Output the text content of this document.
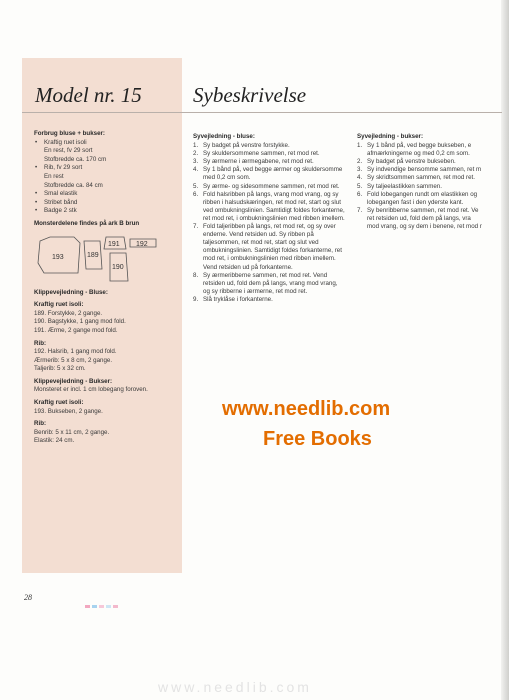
Model nr. 15	Sybeskrivelse
Forbrug bluse + bukser:
• Kraftig ruet isoli
En rest, fv 29 sort
Stofbredde ca. 170 cm
• Rib, fv 29 sort
En rest
Stofbredde ca. 84 cm
• Smal elastik
• Stribet bånd
• Badge 2 stk
Monsterdelene findes på ark B brun
193	189
191 192
190
Klippevejledning - Bluse:
Kraftig ruet isoli:
189. Forstykke, 2 gange.
190. Bagstykke, 1 gang mod fold.
191. Ærme, 2 gange mod fold.
Rib:
192. Halsrib, 1 gang mod fold.
Ærmerib: 5 x 8 cm, 2 gange.
Taljerib: 5 x 32 cm.
Klippevejledning - Bukser:
Monsteret er incl. 1 cm lobegang foroven.
Kraftig ruet isoli:
193. Bukseben, 2 gange.
Rib:
Benrib: 5 x 11 cm, 2 gange.
Elastik: 24 cm.
Syvejledning - bluse:
1. Sy badget på venstre forstykke.
2. Sy skuldersommene sammen, ret mod ret.
3. Sy ærmerne i ærmegabene, ret mod ret.
4. Sy 1 bånd på, ved begge ærmer og skuldersomme med 0,2 cm som.
5. Sy ærme- og sidesommene sammen, ret mod ret.
6. Fold halsribben på langs, vrang mod vrang, og sy ribben i halsudskæringen, ret mod ret, start og slut ved ombukningslinien. Samtidigt foldes forkanterne, ret mod ret, i ombukningslinien med ribben imellem.
7. Fold taljeribben på langs, ret mod ret, og sy over enderne. Vend retsiden ud. Sy ribben på taljesommen, ret mod ret, start og slut ved ombukningslinien. Samtidigt foldes forkanterne, ret mod ret, i ombukningslinien med ribben imellem. Vend retsiden ud på forkanterne.
8. Sy ærmeribberne sammen, ret mod ret. Vend retsiden ud, fold dem på langs, vrang mod vrang, og sy ribberne i ærmerne, ret mod ret.
9. Slå tryklåse i forkanterne.
Syvejledning - bukser:
1. Sy 1 bånd på, ved begge bukseben, e
afmærkningerne og med 0,2 cm som.
2. Sy badget på venstre bukseben.
3. Sy indvendige bensomme sammen, ret m
4. Sy skridtsommen sammen, ret mod ret.
5. Sy taljeelastikken sammen.
6. Fold lobegangen rundt om elastikken og
lobegangen fast i den yderste kant.
7. Sy benribberne sammen, ret mod ret. Ve
ret retsiden ud, fold dem på langs, vra
mod vrang, og sy dem i benene, ret mod r
www.needlib.com
Free Books
28
www.needlib.com
